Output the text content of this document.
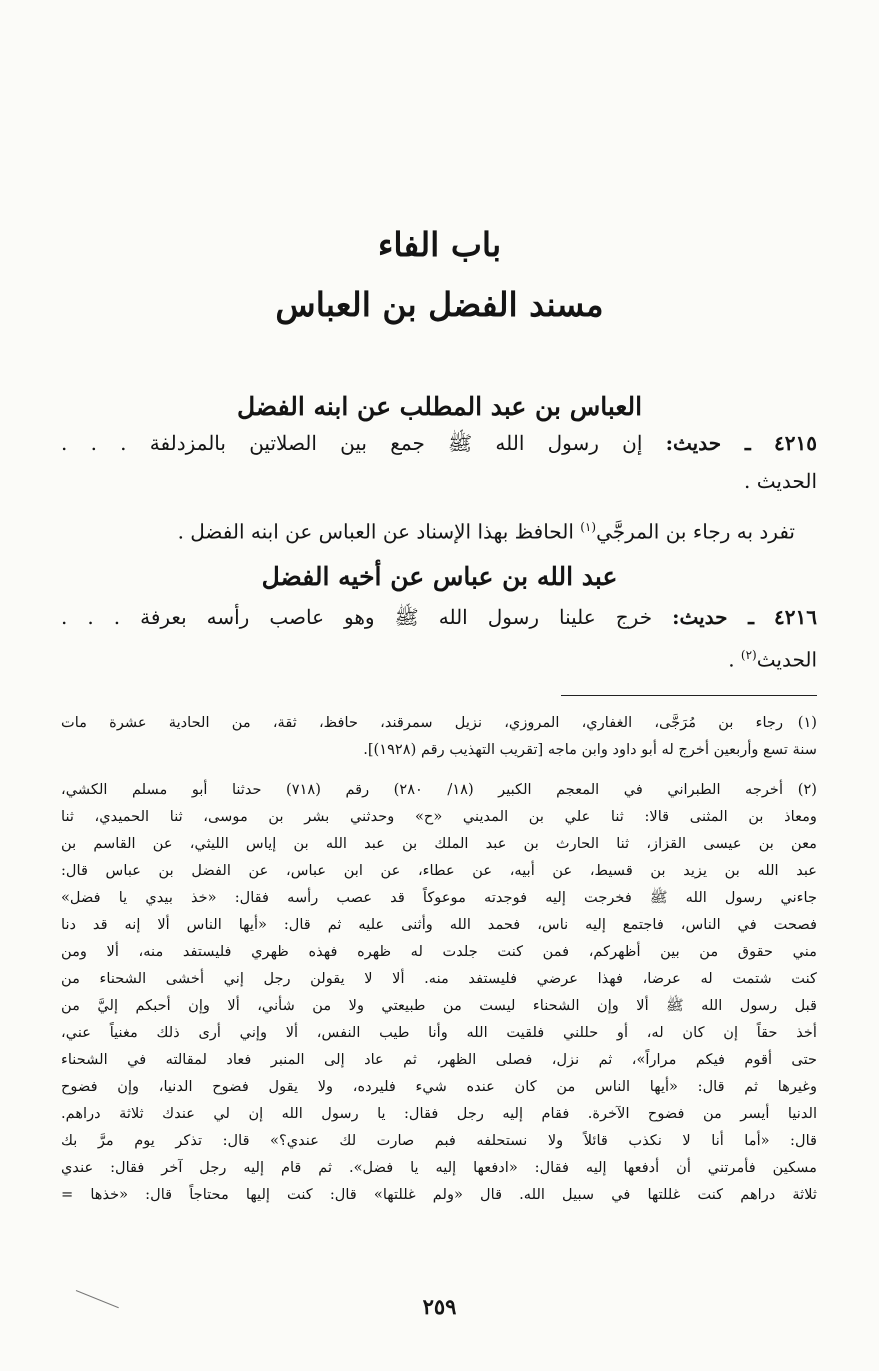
باب الفاء
مسند الفضل بن العباس
العباس بن عبد المطلب عن ابنه الفضل
٤٢١٥ ـ حديث: إن رسول الله ﷺ جمع بين الصلاتين بالمزدلفة . . .
الحديث .
تفرد به رجاء بن المرجَّي$^{(١)}$ الحافظ بهذا الإسناد عن العباس عن ابنه الفضل .
عبد الله بن عباس عن أخيه الفضل
٤٢١٦ ـ حديث: خرج علينا رسول الله ﷺ وهو عاصب رأسه بعرفة . . .
الحديث$^{(٢)}$ .
(١)
رجاء بن مُرَجَّى، الغفاري، المروزي، نزيل سمرقند، حافظ، ثقة، من الحادية عشرة مات
سنة تسع وأربعين أخرج له أبو داود وابن ماجه [تقريب التهذيب رقم (١٩٢٨)].
(٢)
أخرجه الطبراني في المعجم الكبير (١٨/ ٢٨٠) رقم (٧١٨) حدثنا أبو مسلم الكشي،
ومعاذ بن المثنى قالا: ثنا علي بن المديني «ح» وحدثني بشر بن موسى، ثنا الحميدي، ثنا
معن بن عيسى القزاز، ثنا الحارث بن عبد الملك بن عبد الله بن إياس الليثي، عن القاسم بن
عبد الله بن يزيد بن قسيط، عن أبيه، عن عطاء، عن ابن عباس، عن الفضل بن عباس قال:
جاءني رسول الله ﷺ فخرجت إليه فوجدته موعوكاً قد عصب رأسه فقال: «خذ بيدي يا فضل»
فصحت في الناس، فاجتمع إليه ناس، فحمد الله وأثنى عليه ثم قال: «أيها الناس ألا إنه قد دنا
مني حقوق من بين أظهركم، فمن كنت جلدت له ظهره فهذه ظهري فليستفد منه، ألا ومن
كنت شتمت له عرضا، فهذا عرضي فليستفد منه. ألا لا يقولن رجل إني أخشى الشحناء من
قبل رسول الله ﷺ ألا وإن الشحناء ليست من طبيعتي ولا من شأني، ألا وإن أحبكم إليَّ من
أخذ حقاً إن كان له، أو حللني فلقيت الله وأنا طيب النفس، ألا وإني أرى ذلك مغنياً عني،
حتى أقوم فيكم مراراً»، ثم نزل، فصلى الظهر، ثم عاد إلى المنبر فعاد لمقالته في الشحناء
وغيرها ثم قال: «أيها الناس من كان عنده شيء فليرده، ولا يقول فضوح الدنيا، وإن فضوح
الدنيا أيسر من فضوح الآخرة. فقام إليه رجل فقال: يا رسول الله إن لي عندك ثلاثة دراهم.
قال: «أما أنا لا نكذب قائلاً ولا نستحلفه فبم صارت لك عندي؟» قال: تذكر يوم مرَّ بك
مسكين فأمرتني أن أدفعها إليه فقال: «ادفعها إليه يا فضل». ثم قام إليه رجل آخر فقال: عندي
ثلاثة دراهم كنت غللتها في سبيل الله. قال «ولم غللتها» قال: كنت إليها محتاجاً قال: «خذها =
٢٥٩
